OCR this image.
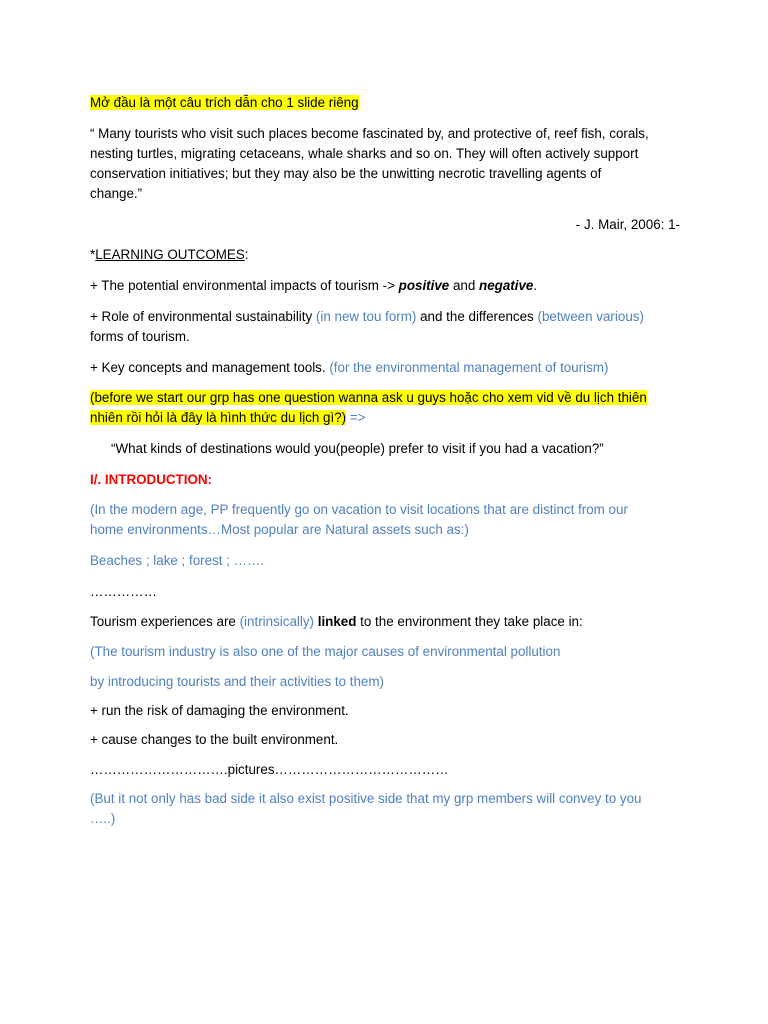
Mở đầu là một câu trích dẫn cho 1 slide riêng
“ Many tourists who visit such places become fascinated by, and protective of, reef fish, corals,
nesting turtles, migrating cetaceans, whale sharks and so on. They will often actively support
conservation initiatives; but they may also be the unwitting necrotic travelling agents of
change.”
- J. Mair, 2006: 1-
*LEARNING OUTCOMES:
+ The potential environmental impacts of tourism -> positive and negative.
+ Role of environmental sustainability (in new tou form) and the differences (between various)
forms of tourism.
+ Key concepts and management tools. (for the environmental management of tourism)
(before we start our grp has one question wanna ask u guys hoặc cho xem vid về du lịch thiên
nhiên rồi hỏi là đây là hình thức du lịch gì?) =>
“What kinds of destinations would you(people) prefer to visit if you had a vacation?”
I/. INTRODUCTION:
(In the modern age, PP frequently go on vacation to visit locations that are distinct from our
home environments…Most popular are Natural assets such as:)
Beaches ; lake ; forest ; …….
……………
Tourism experiences are (intrinsically) linked to the environment they take place in:
(The tourism industry is also one of the major causes of environmental pollution
by introducing tourists and their activities to them)
+ run the risk of damaging the environment.
+ cause changes to the built environment.
………………………….pictures…………………………………
(But it not only has bad side it also exist positive side that my grp members will convey to you
…..)
